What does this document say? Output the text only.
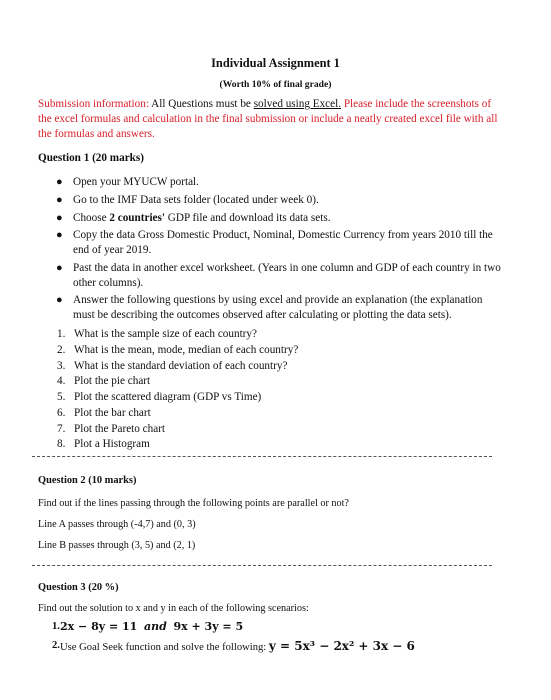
Individual Assignment 1
(Worth 10% of final grade)
Submission information: All Questions must be solved using Excel. Please include the screenshots of the excel formulas and calculation in the final submission or include a neatly created excel file with all the formulas and answers.
Question 1 (20 marks)
● Open your MYUCW portal.
● Go to the IMF Data sets folder (located under week 0).
● Choose 2 countries' GDP file and download its data sets.
● Copy the data Gross Domestic Product, Nominal, Domestic Currency from years 2010 till the end of year 2019.
● Past the data in another excel worksheet. (Years in one column and GDP of each country in two other columns).
● Answer the following questions by using excel and provide an explanation (the explanation must be describing the outcomes observed after calculating or plotting the data sets).
1. What is the sample size of each country?
2. What is the mean, mode, median of each country?
3. What is the standard deviation of each country?
4. Plot the pie chart
5. Plot the scattered diagram (GDP vs Time)
6. Plot the bar chart
7. Plot the Pareto chart
8. Plot a Histogram
Question 2 (10 marks)
Find out if the lines passing through the following points are parallel or not?
Line A passes through (-4,7) and (0, 3)
Line B passes through (3, 5) and (2, 1)
Question 3 (20 %)
Find out the solution to x and y in each of the following scenarios:
1. 2x − 8y = 11 and 9x + 3y = 5
2. Use Goal Seek function and solve the following: y = 5x³ − 2x² + 3x − 6
